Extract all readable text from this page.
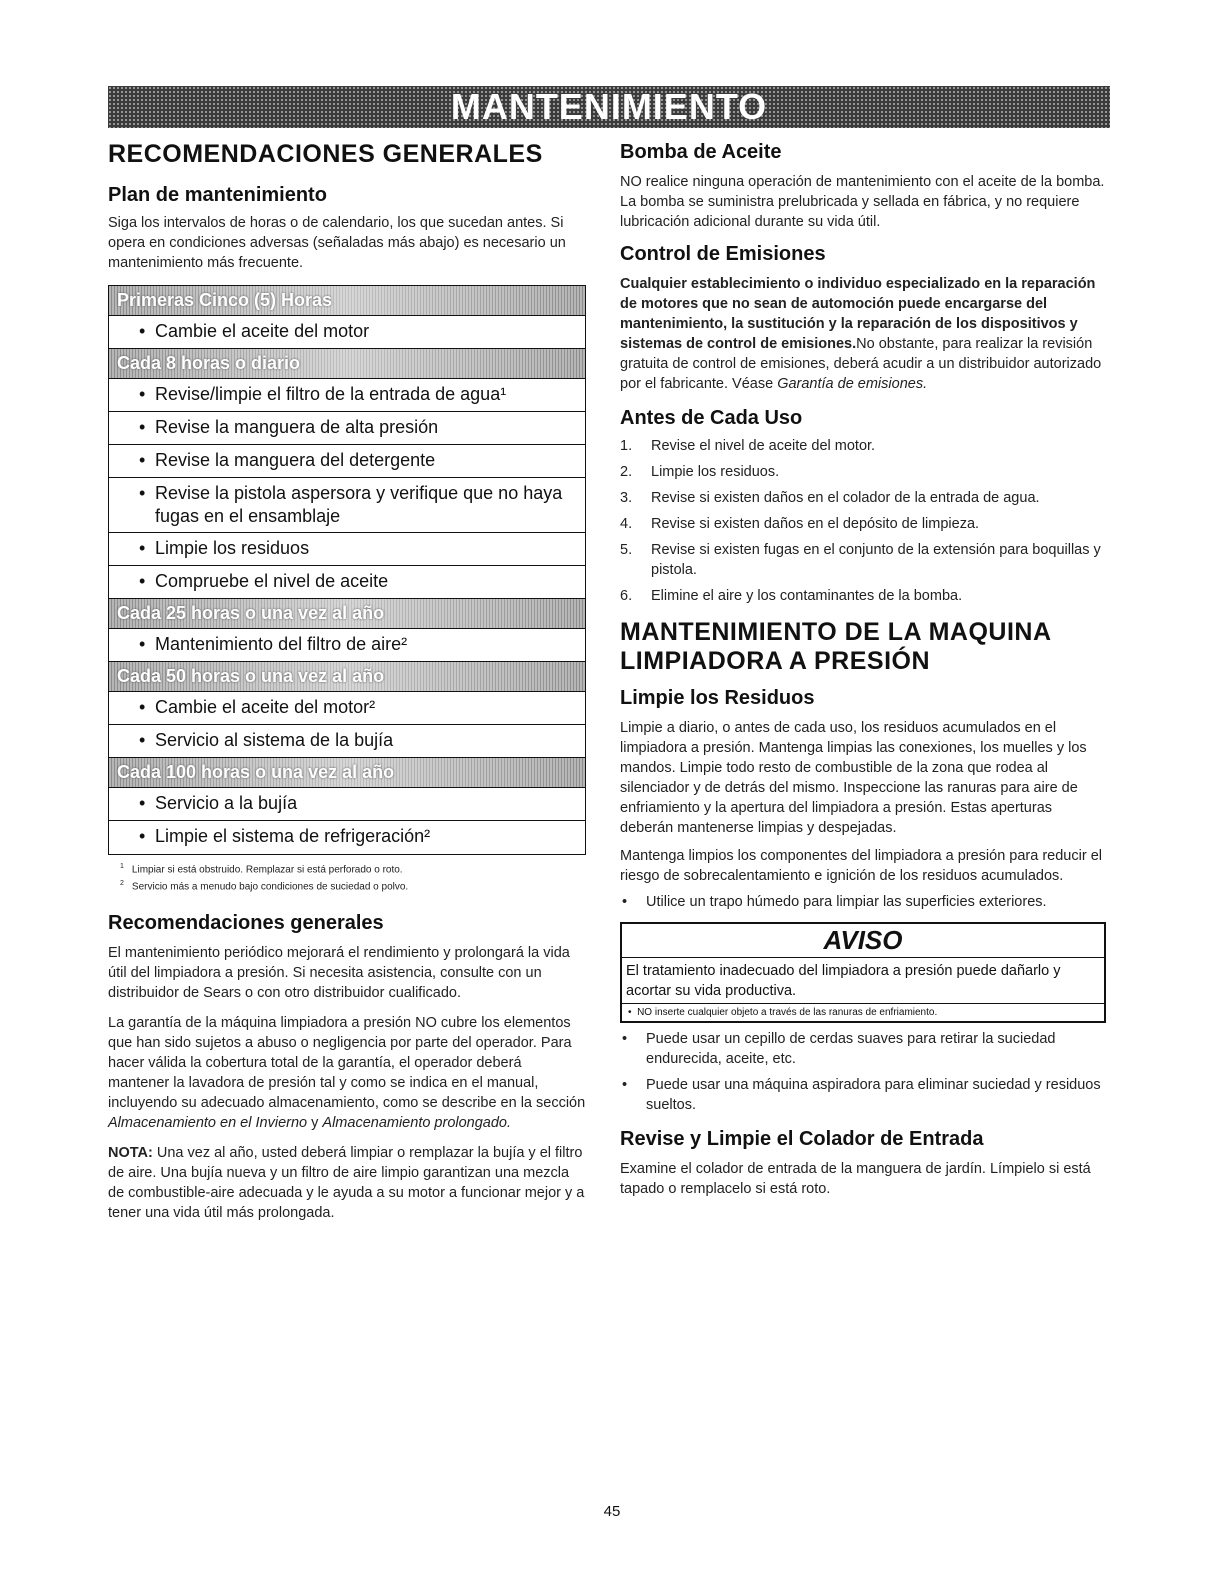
MANTENIMIENTO
RECOMENDACIONES GENERALES
Plan de mantenimiento

Siga los intervalos de horas o de calendario, los que sucedan antes. Si opera en condiciones adversas (señaladas más abajo) es necesario un mantenimiento más frecuente.

Primeras Cinco (5) Horas
• Cambie el aceite del motor
Cada 8 horas o diario
• Revise/limpie el filtro de la entrada de agua¹
• Revise la manguera de alta presión
• Revise la manguera del detergente
• Revise la pistola aspersora y verifique que no haya fugas en el ensamblaje
• Limpie los residuos
• Compruebe el nivel de aceite
Cada 25 horas o una vez al año
• Mantenimiento del filtro de aire²
Cada 50 horas o una vez al año
• Cambie el aceite del motor²
• Servicio al sistema de la bujía
Cada 100 horas o una vez al año
• Servicio a la bujía
• Limpie el sistema de refrigeración²
$^1$ Limpiar si está obstruido. Remplazar si está perforado o roto.
$^2$ Servicio más a menudo bajo condiciones de suciedad o polvo.
Recomendaciones generales

El mantenimiento periódico mejorará el rendimiento y prolongará la vida útil del limpiadora a presión. Si necesita asistencia, consulte con un distribuidor de Sears o con otro distribuidor cualificado.

La garantía de la máquina limpiadora a presión NO cubre los elementos que han sido sujetos a abuso o negligencia por parte del operador. Para hacer válida la cobertura total de la garantía, el operador deberá mantener la lavadora de presión tal y como se indica en el manual, incluyendo su adecuado almacenamiento, como se describe en la sección Almacenamiento en el Invierno y Almacenamiento prolongado.

NOTA: Una vez al año, usted deberá limpiar o remplazar la bujía y el filtro de aire. Una bujía nueva y un filtro de aire limpio garantizan una mezcla de combustible-aire adecuada y le ayuda a su motor a funcionar mejor y a tener una vida útil más prolongada.

Bomba de Aceite

NO realice ninguna operación de mantenimiento con el aceite de la bomba. La bomba se suministra prelubricada y sellada en fábrica, y no requiere lubricación adicional durante su vida útil.

Control de Emisiones

Cualquier establecimiento o individuo especializado en la reparación de motores que no sean de automoción puede encargarse del mantenimiento, la sustitución y la reparación de los dispositivos y sistemas de control de emisiones.No obstante, para realizar la revisión gratuita de control de emisiones, deberá acudir a un distribuidor autorizado por el fabricante. Véase Garantía de emisiones.

Antes de Cada Uso
1.	Revise el nivel de aceite del motor.
2.	Limpie los residuos.
3.	Revise si existen daños en el colador de la entrada de agua.
4.	Revise si existen daños en el depósito de limpieza.
5.	Revise si existen fugas en el conjunto de la extensión para boquillas y pistola.
6.	Elimine el aire y los contaminantes de la bomba.
MANTENIMIENTO DE LA MAQUINA
LIMPIADORA A PRESIÓN
Limpie los Residuos

Limpie a diario, o antes de cada uso, los residuos acumulados en el limpiadora a presión. Mantenga limpias las conexiones, los muelles y los mandos. Limpie todo resto de combustible de la zona que rodea al silenciador y de detrás del mismo. Inspeccione las ranuras para aire de enfriamiento y la apertura del limpiadora a presión. Estas aperturas deberán mantenerse limpias y despejadas.

Mantenga limpios los componentes del limpiadora a presión para reducir el riesgo de sobrecalentamiento e ignición de los residuos acumulados.

•	Utilice un trapo húmedo para limpiar las superficies exteriores.
AVISO
El tratamiento inadecuado del limpiadora a presión puede dañarlo y acortar su vida productiva.
• NO inserte cualquier objeto a través de las ranuras de enfriamiento.
•	Puede usar un cepillo de cerdas suaves para retirar la suciedad endurecida, aceite, etc.
•	Puede usar una máquina aspiradora para eliminar suciedad y residuos sueltos.
Revise y Limpie el Colador de Entrada

Examine el colador de entrada de la manguera de jardín. Límpielo si está tapado o remplacelo si está roto.

45
